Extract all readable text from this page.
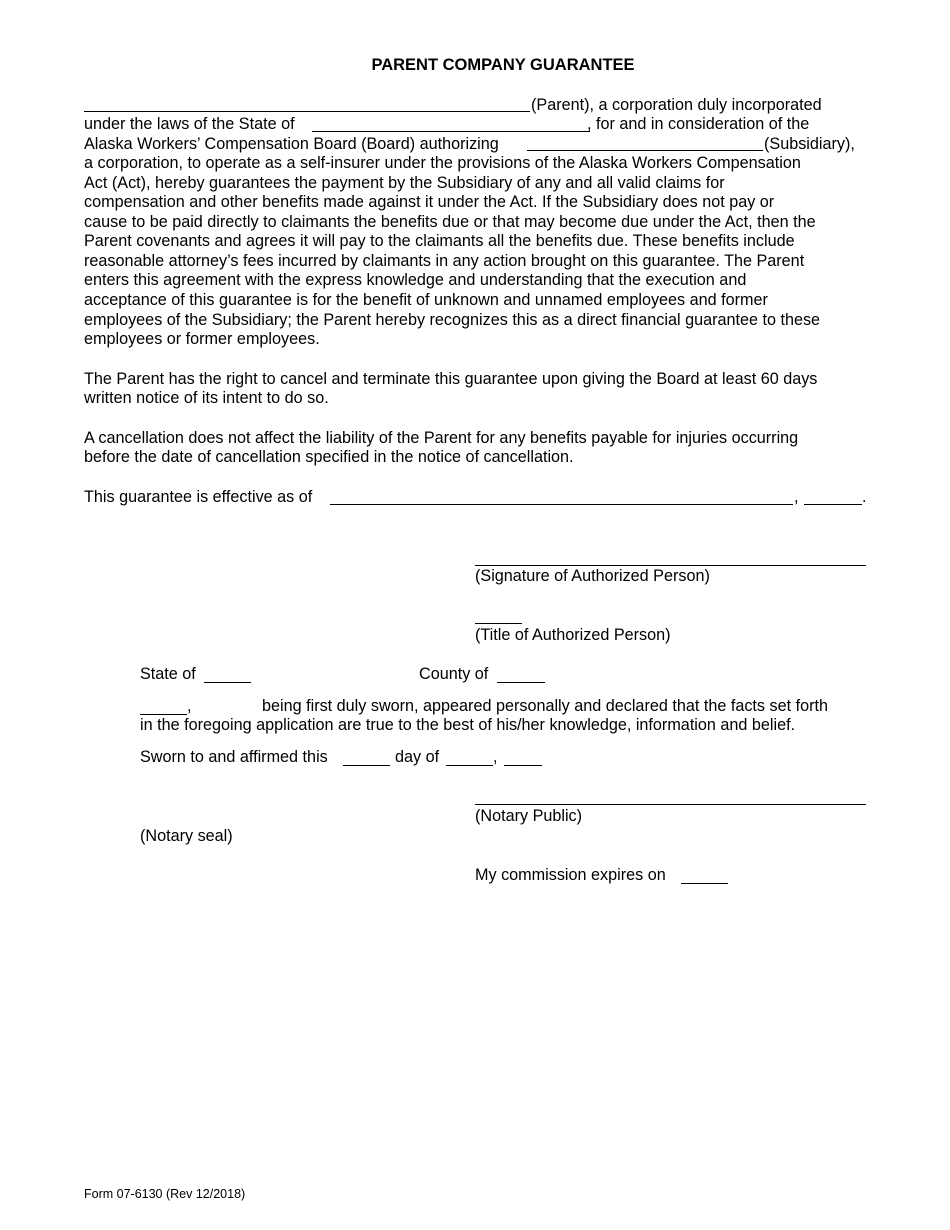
PARENT COMPANY GUARANTEE
(Parent), a corporation duly incorporated
under the laws of the State of	, for and in consideration of the
Alaska Workers’ Compensation Board (Board) authorizing	(Subsidiary),
a corporation, to operate as a self-insurer under the provisions of the Alaska Workers Compensation
Act (Act), hereby guarantees the payment by the Subsidiary of any and all valid claims for
compensation and other benefits made against it under the Act. If the Subsidiary does not pay or
cause to be paid directly to claimants the benefits due or that may become due under the Act, then the
Parent covenants and agrees it will pay to the claimants all the benefits due. These benefits include
reasonable attorney’s fees incurred by claimants in any action brought on this guarantee. The Parent
enters this agreement with the express knowledge and understanding that the execution and
acceptance of this guarantee is for the benefit of unknown and unnamed employees and former
employees of the Subsidiary; the Parent hereby recognizes this as a direct financial guarantee to these
employees or former employees.
The Parent has the right to cancel and terminate this guarantee upon giving the Board at least 60 days
written notice of its intent to do so.
A cancellation does not affect the liability of the Parent for any benefits payable for injuries occurring
before the date of cancellation specified in the notice of cancellation.
This guarantee is effective as of	,	.
(Signature of Authorized Person)
(Title of Authorized Person)
State of	County of
,	being first duly sworn, appeared personally and declared that the facts set forth
in the foregoing application are true to the best of his/her knowledge, information and belief.
Sworn to and affirmed this	day of	,
(Notary Public)
(Notary seal)
My commission expires on
Form 07-6130 (Rev 12/2018)
